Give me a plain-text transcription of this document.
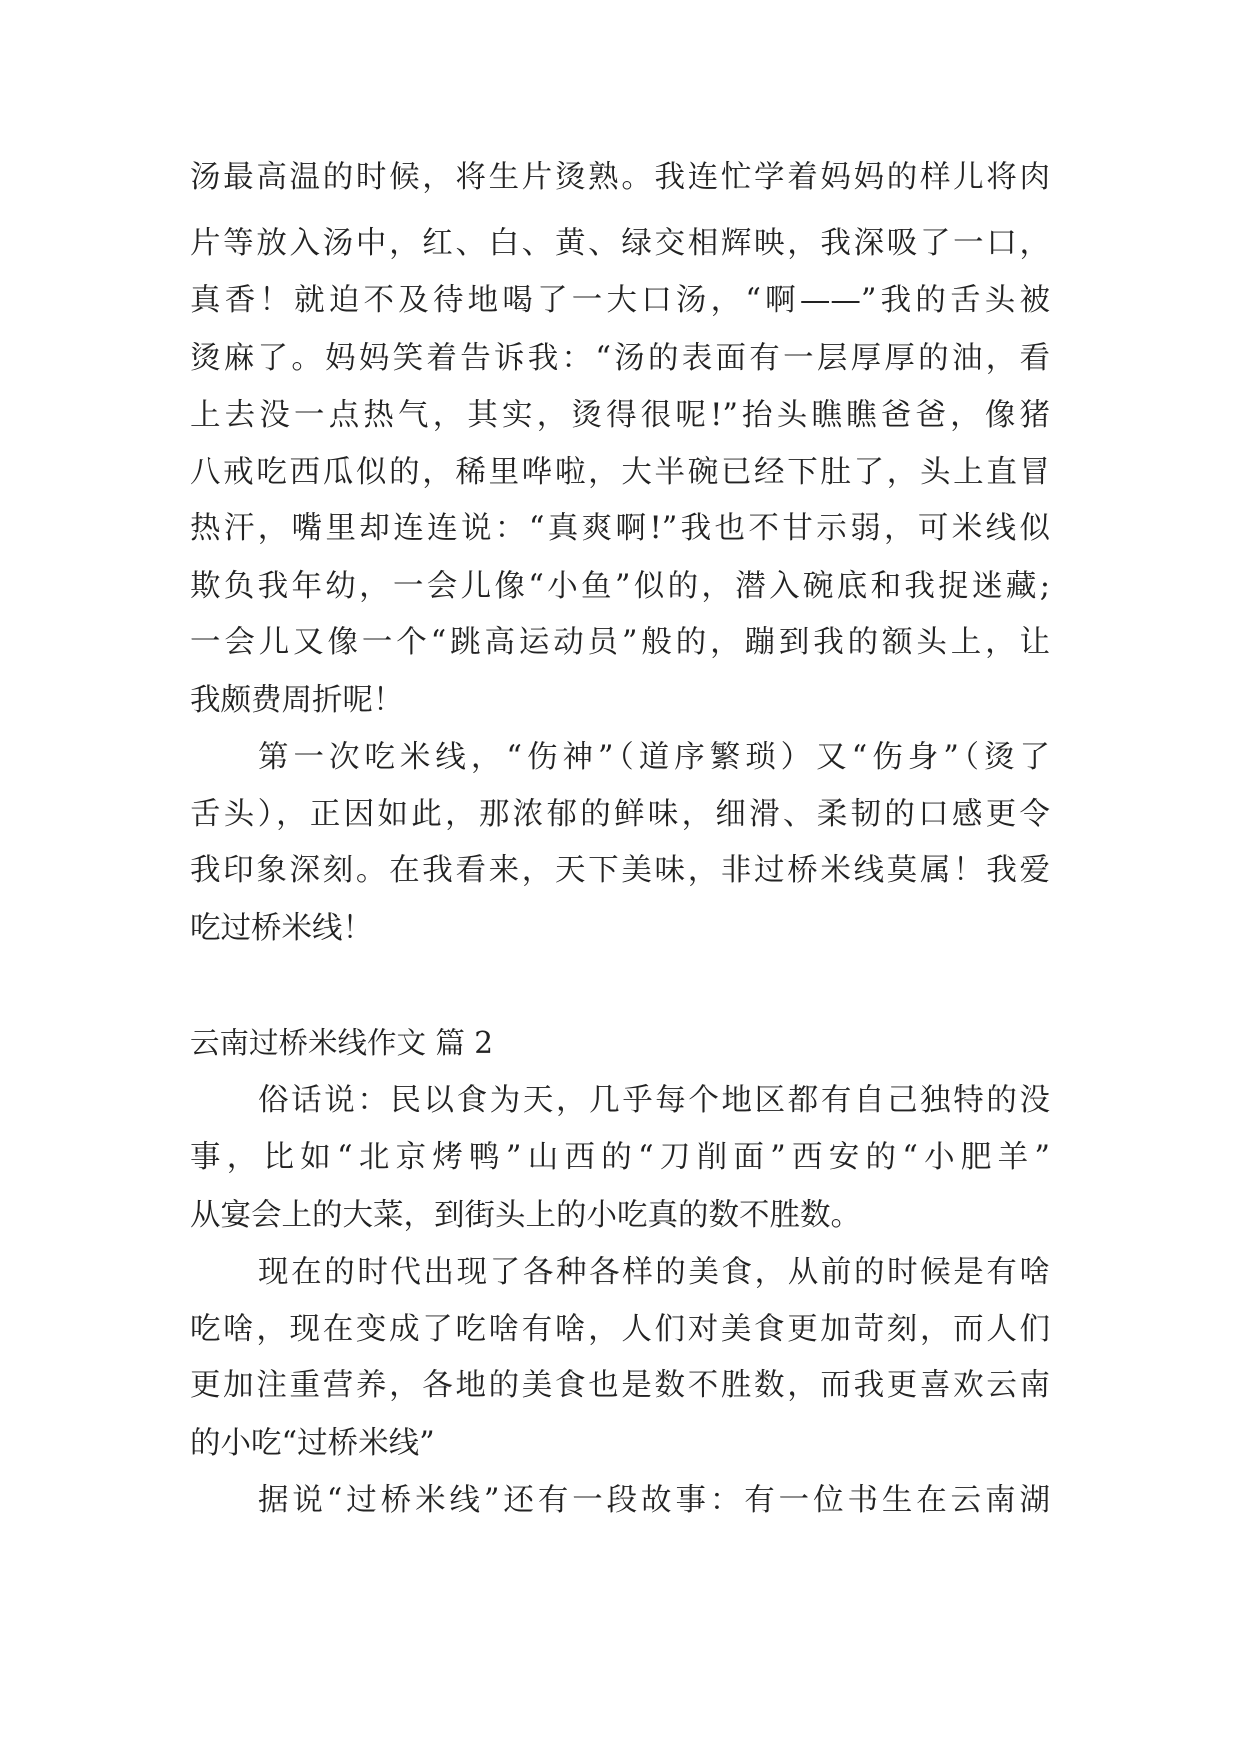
汤最高温的时候，将生片烫熟。我连忙学着妈妈的样儿将肉
片等放入汤中，红、白、黄、绿交相辉映，我深吸了一口，
真香！就迫不及待地喝了一大口汤，“啊——”我的舌头被
烫麻了。妈妈笑着告诉我：“汤的表面有一层厚厚的油，看
上去没一点热气，其实，烫得很呢!”抬头瞧瞧爸爸，像猪
八戒吃西瓜似的，稀里哗啦，大半碗已经下肚了，头上直冒
热汗，嘴里却连连说：“真爽啊!”我也不甘示弱，可米线似
欺负我年幼，一会儿像“小鱼”似的，潜入碗底和我捉迷藏;
一会儿又像一个“跳高运动员”般的，蹦到我的额头上，让
我颇费周折呢！
第一次吃米线，“伤神”（道序繁琐）又“伤身”（烫了
舌头），正因如此，那浓郁的鲜味，细滑、柔韧的口感更令
我印象深刻。在我看来，天下美味，非过桥米线莫属！我爱
吃过桥米线！
云南过桥米线作文 篇 2
俗话说：民以食为天，几乎每个地区都有自己独特的没
事，比如“北京烤鸭”山西的“刀削面”西安的“小肥羊”
从宴会上的大菜，到街头上的小吃真的数不胜数。
现在的时代出现了各种各样的美食，从前的时候是有啥
吃啥，现在变成了吃啥有啥，人们对美食更加苛刻，而人们
更加注重营养，各地的美食也是数不胜数，而我更喜欢云南
的小吃“过桥米线”
据说“过桥米线”还有一段故事：有一位书生在云南湖
